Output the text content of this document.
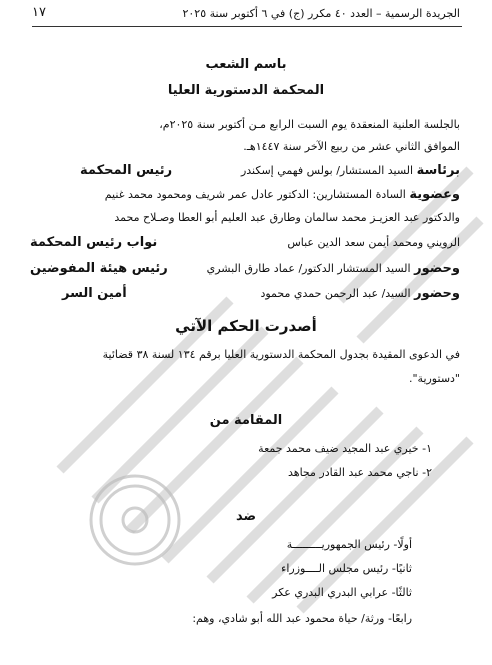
١٧	الجريدة الرسمية – العدد ٤٠ مكرر (ج) في ٦ أكتوبر سنة ٢٠٢٥
باسم الشعب
المحكمة الدستورية العليا
بالجلسة العلنية المنعقدة يوم السبت الرابع مـن أكتوبر سنة ٢٠٢٥م،
الموافق الثاني عشر من ربيع الآخر سنة ١٤٤٧هـ.
برئاسة السيد المستشار/ بولس فهمي إسكندر
رئيس المحكمة
وعضوية السادة المستشارين: الدكتور عادل عمر شريف ومحمود محمد غنيم
والدكتور عبد العزيـز محمد سالمان وطارق عبد العليم أبو العطا وصـلاح محمد
الرويني ومحمد أيمن سعد الدين عباس
نواب رئيس المحكمة
وحضور السيد المستشار الدكتور/ عماد طارق البشري
رئيس هيئة المفوضين
وحضور السيد/ عبد الرحمن حمدي محمود
أمين السر
أصدرت الحكم الآتي
في الدعوى المقيدة بجدول المحكمة الدستورية العليا برقم ١٣٤ لسنة ٣٨ قضائية
"دستورية".
المقامة من
١- خيري عبد المجيد ضيف محمد جمعة
٢- ناجي محمد عبد القادر مجاهد
ضد
أولًا- رئيس الجمهوريـــــــــة
ثانيًا- رئيس مجلس الــــوزراء
ثالثًا- عرابي البدري البدري عكر
رابعًا- ورثة/ حياة محمود عبد الله أبو شادي، وهم:
